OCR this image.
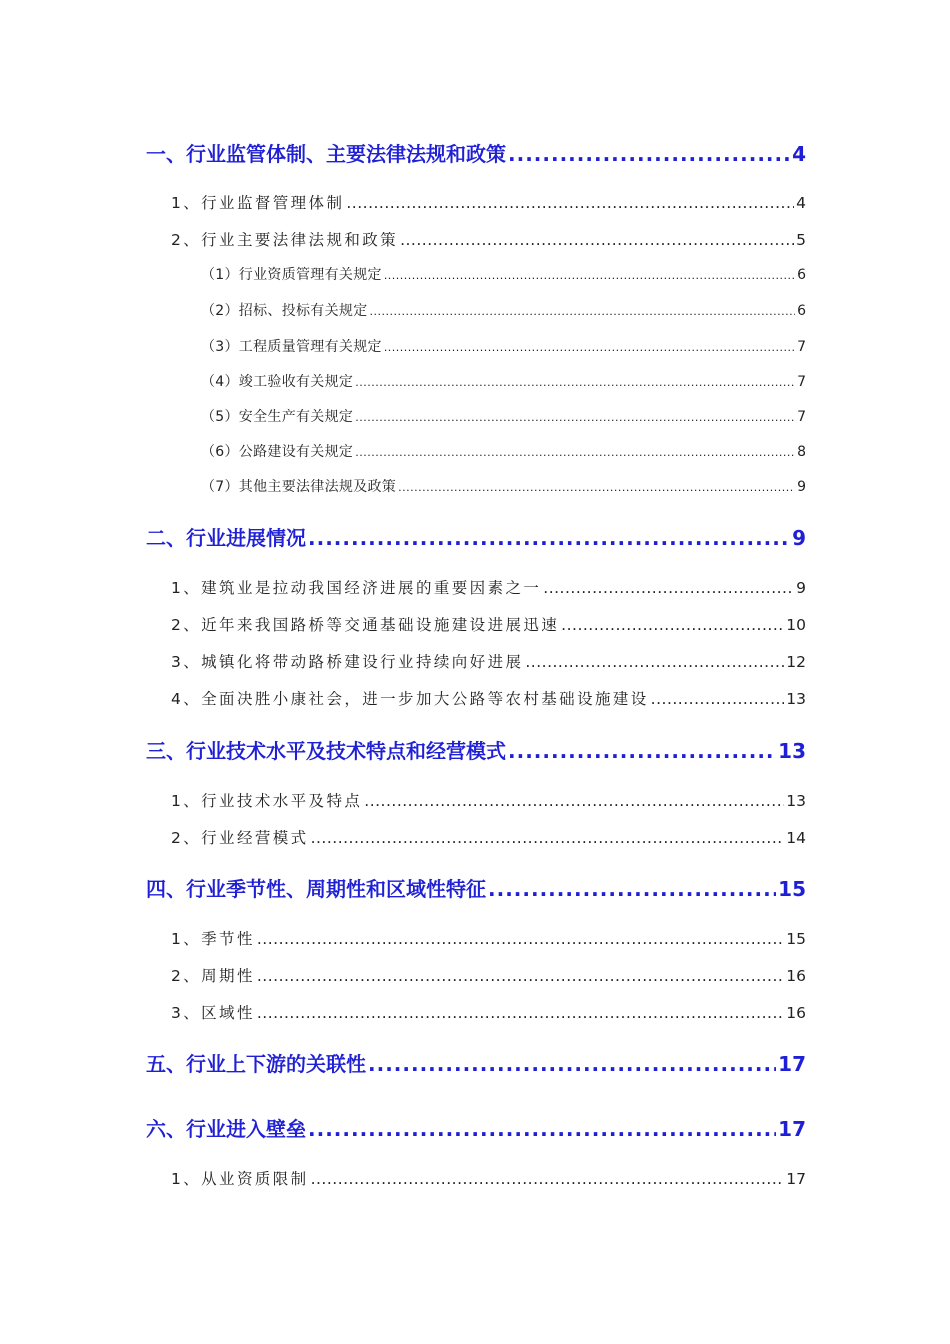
一、行业监管体制、主要法律法规和政策 .....	4
1、行业监督管理体制 .....	4
2、行业主要法律法规和政策 .....	5
（1）行业资质管理有关规定 .....	6
（2）招标、投标有关规定 .....	6
（3）工程质量管理有关规定 .....	7
（4）竣工验收有关规定 .....	7
（5）安全生产有关规定 .....	7
（6）公路建设有关规定 .....	8
（7）其他主要法律法规及政策 .....	9
二、行业进展情况 .....	9
1、建筑业是拉动我国经济进展的重要因素之一 .....	9
2、近年来我国路桥等交通基础设施建设进展迅速 .....	10
3、城镇化将带动路桥建设行业持续向好进展 .....	12
4、全面决胜小康社会，进一步加大公路等农村基础设施建设 .....	13
三、行业技术水平及技术特点和经营模式 .....	13
1、行业技术水平及特点 .....	13
2、行业经营模式 .....	14
四、行业季节性、周期性和区域性特征 .....	15
1、季节性 .....	15
2、周期性 .....	16
3、区域性 .....	16
五、行业上下游的关联性 .....	17
六、行业进入壁垒 .....	17
1、从业资质限制 .....	17
